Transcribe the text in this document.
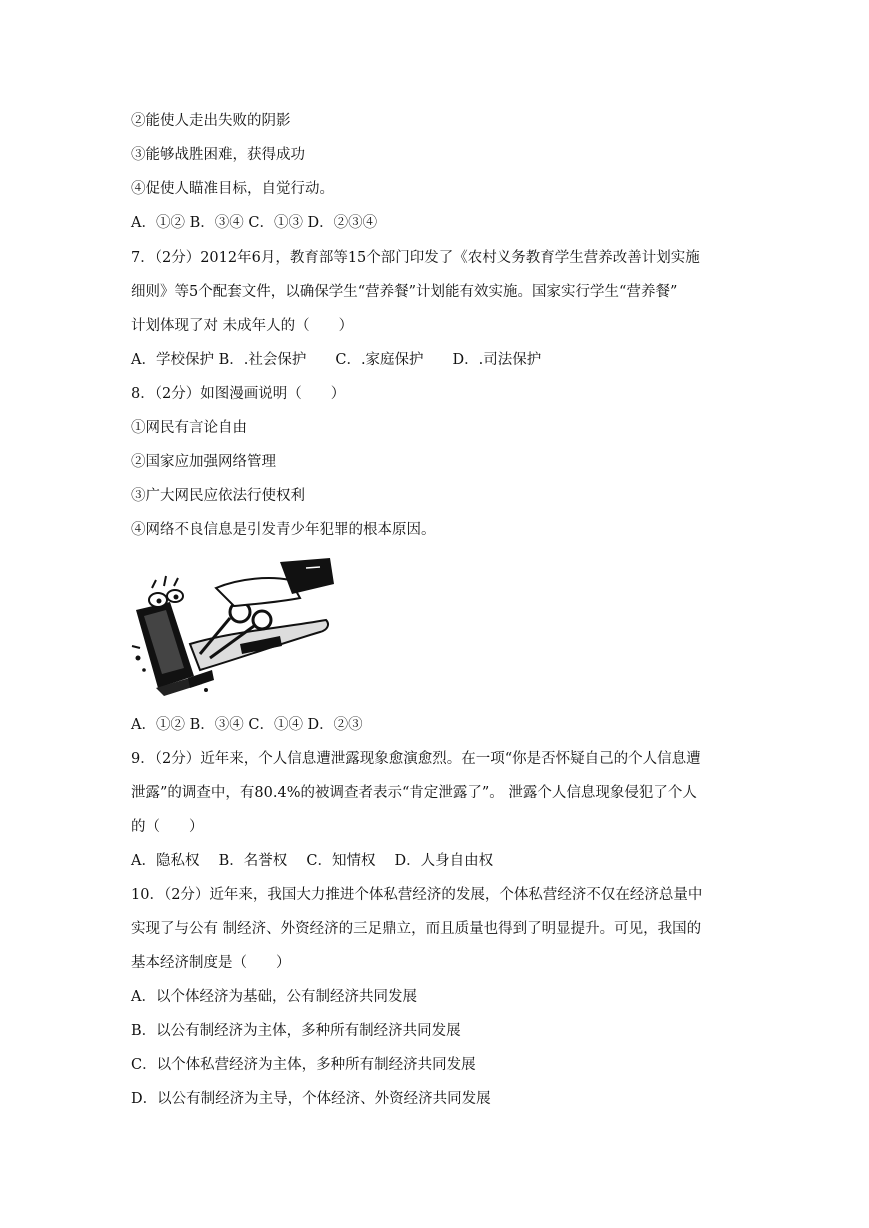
②能使人走出失败的阴影
③能够战胜困难，获得成功
④促使人瞄准目标，自觉行动。
A．①② B．③④ C．①③ D．②③④
7．（2分）2012年6月，教育部等15个部门印发了《农村义务教育学生营养改善计划实施
细则》等5个配套文件，以确保学生“营养餐”计划能有效实施。国家实行学生“营养餐”
计划体现了对 未成年人的（　　）
A．学校保护 B．.社会保护　　C．.家庭保护　　D．.司法保护
8．（2分）如图漫画说明（　　）
①网民有言论自由
②国家应加强网络管理
③广大网民应依法行使权利
④网络不良信息是引发青少年犯罪的根本原因。
A．①② B．③④ C．①④ D．②③
9．（2分）近年来，个人信息遭泄露现象愈演愈烈。在一项“你是否怀疑自己的个人信息遭
泄露”的调查中，有80.4%的被调查者表示“肯定泄露了”。 泄露个人信息现象侵犯了个人
的（　　）
A．隐私权　 B．名誉权　 C．知情权　 D．人身自由权
10．（2分）近年来，我国大力推进个体私营经济的发展，个体私营经济不仅在经济总量中
实现了与公有 制经济、外资经济的三足鼎立，而且质量也得到了明显提升。可见，我国的
基本经济制度是（　　）
A．以个体经济为基础，公有制经济共同发展
B．以公有制经济为主体，多种所有制经济共同发展
C．以个体私营经济为主体，多种所有制经济共同发展
D．以公有制经济为主导，个体经济、外资经济共同发展
